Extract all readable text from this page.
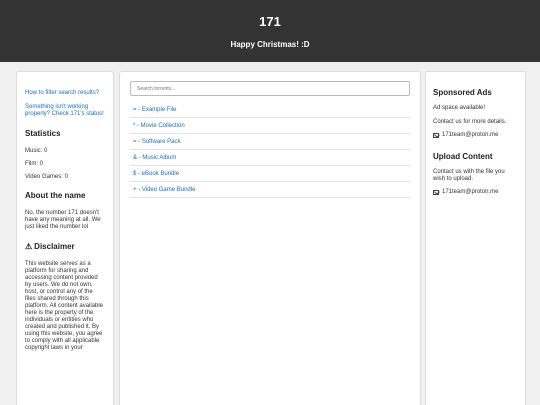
171
Happy Christmas! :D
How to filter search results?
Something isn't working properly? Check 171's status!
Statistics
Music: 0
Film: 0
Video Games: 0
About the name
No, the number 171 doesn't have any meaning at all. We just liked the number lol
⚠ Disclaimer
This website serves as a platform for sharing and accessing content provided by users. We do not own, host, or control any of the files shared through this platform. All content available here is the property of the individuals or entities who created and published it. By using this website, you agree to comply with all applicable copyright laws in your
Search torrents...
= - Example File
* - Movie Collection
= - Software Pack
& - Music Album
$ - eBook Bundle
+ - Video Game Bundle
Sponsored Ads
Ad space available!
Contact us for more details.
171team@proton.me
Upload Content
Contact us with the file you wish to upload.
171team@proton.me
